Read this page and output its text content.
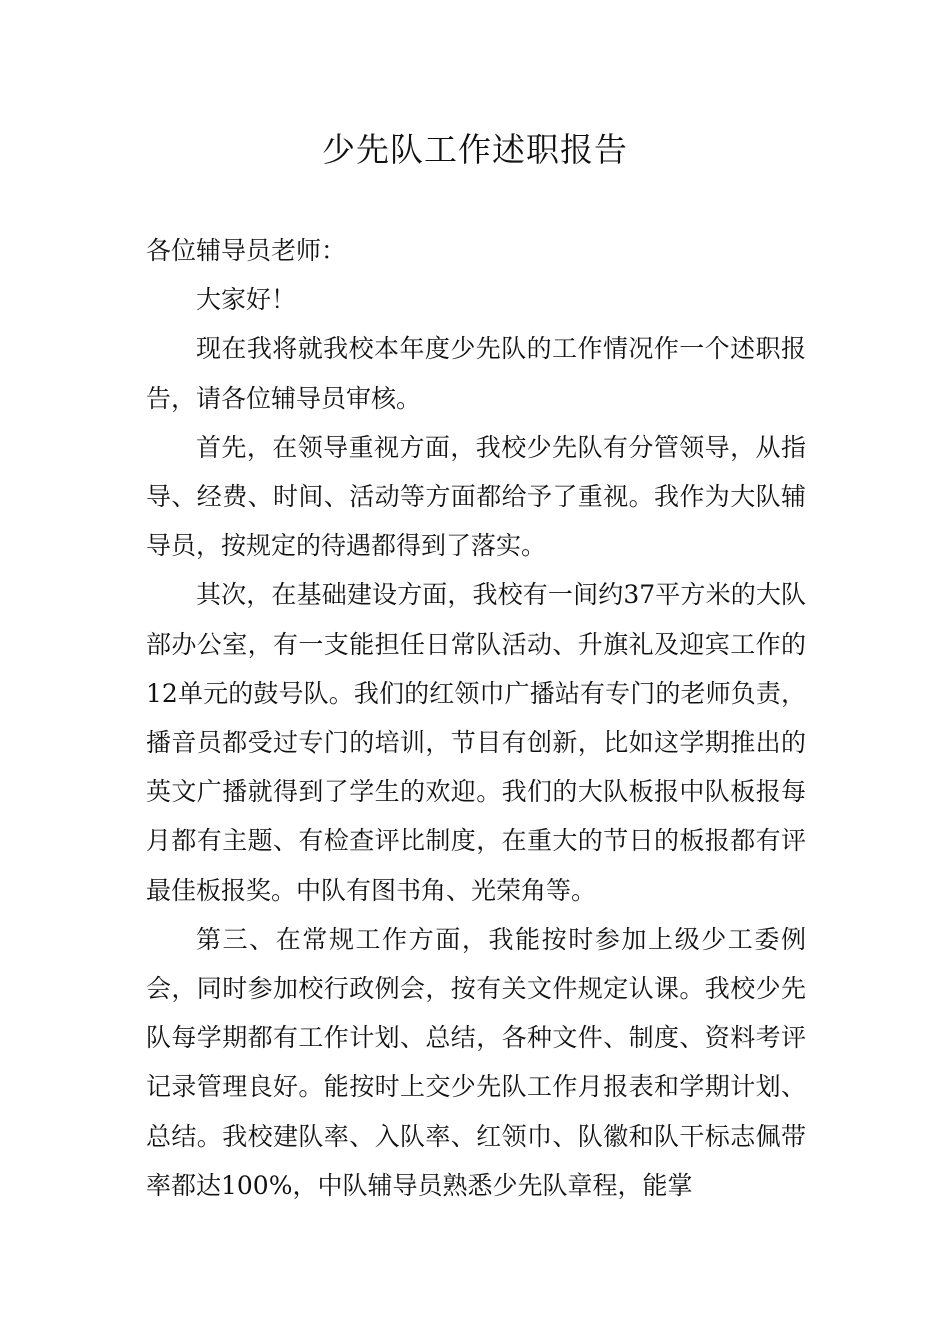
少先队工作述职报告

各位辅导员老师：

大家好！

现在我将就我校本年度少先队的工作情况作一个述职报告，请各位辅导员审核。

首先，在领导重视方面，我校少先队有分管领导，从指导、经费、时间、活动等方面都给予了重视。我作为大队辅导员，按规定的待遇都得到了落实。

其次，在基础建设方面，我校有一间约37平方米的大队部办公室，有一支能担任日常队活动、升旗礼及迎宾工作的12单元的鼓号队。我们的红领巾广播站有专门的老师负责，播音员都受过专门的培训，节目有创新，比如这学期推出的英文广播就得到了学生的欢迎。我们的大队板报中队板报每月都有主题、有检查评比制度，在重大的节日的板报都有评最佳板报奖。中队有图书角、光荣角等。

第三、在常规工作方面，我能按时参加上级少工委例会，同时参加校行政例会，按有关文件规定认课。我校少先队每学期都有工作计划、总结，各种文件、制度、资料考评记录管理良好。能按时上交少先队工作月报表和学期计划、总结。我校建队率、入队率、红领巾、队徽和队干标志佩带率都达100%，中队辅导员熟悉少先队章程，能掌
